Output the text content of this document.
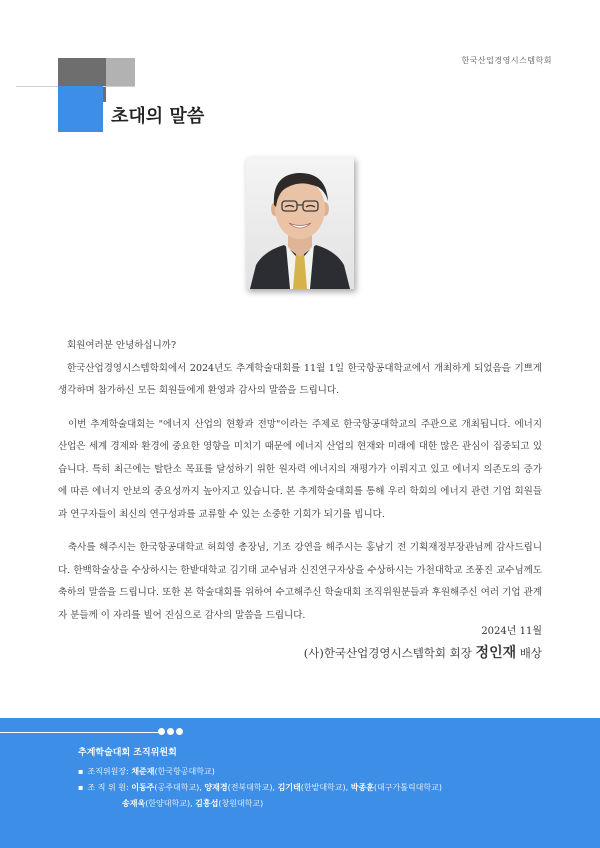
한국산업경영시스템학회
초대의 말씀

회원여러분 안녕하십니까?

한국산업경영시스템학회에서 2024년도 추계학술대회를 11월 1일 한국항공대학교에서 개최하게 되었음을 기쁘게 생각하며 참가하신 모든 회원들에게 환영과 감사의 말씀을 드립니다.

이번 추계학술대회는 "에너지 산업의 현황과 전망"이라는 주제로 한국항공대학교의 주관으로 개최됩니다. 에너지 산업은 세계 경제와 환경에 중요한 영향을 미치기 때문에 에너지 산업의 현재와 미래에 대한 많은 관심이 집중되고 있습니다. 특히 최근에는 탈탄소 목표를 달성하기 위한 원자력 에너지의 재평가가 이뤄지고 있고 에너지 의존도의 증가에 따른 에너지 안보의 중요성까지 높아지고 있습니다. 본 추계학술대회를 통해 우리 학회의 에너지 관련 기업 회원들과 연구자들이 최신의 연구성과를 교류할 수 있는 소중한 기회가 되기를 빕니다.

축사를 해주시는 한국항공대학교 허희영 총장님, 기조 강연을 해주시는 홍남기 전 기획재정부장관님께 감사드립니다. 한백학술상을 수상하시는 한밭대학교 김기태 교수님과 신진연구자상을 수상하시는 가천대학교 조풍진 교수님께도 축하의 말씀을 드립니다. 또한 본 학술대회를 위하여 수고해주신 학술대회 조직위원분들과 후원해주신 여러 기업 관계자 분들께 이 자리를 빌어 진심으로 감사의 말씀을 드립니다.

2024년 11월
(사)한국산업경영시스템학회 회장 정인재 배상
추계학술대회 조직위원회
▪ 조직위원장: 채준재(한국항공대학교)
▪ 조 직 위 원: 이동주(공주대학교), 양재경(전북대학교), 김기태(한밭대학교), 박종훈(대구가톨릭대학교)
송재욱(한양대학교), 김흥섭(창원대학교)
